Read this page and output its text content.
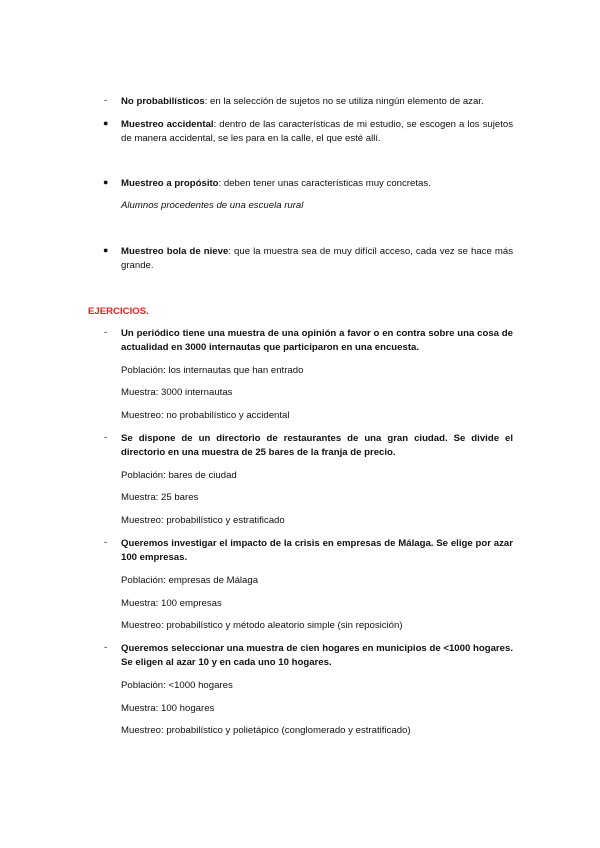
-	No probabilísticos: en la selección de sujetos no se utiliza ningún elemento de azar.
●	Muestreo accidental: dentro de las características de mi estudio, se escogen a los sujetos de manera accidental, se les para en la calle, el que esté allí.
●	Muestreo a propósito: deben tener unas características muy concretas.
Alumnos procedentes de una escuela rural
●	Muestreo bola de nieve: que la muestra sea de muy difícil acceso, cada vez se hace más grande.
EJERCICIOS.
-	Un periódico tiene una muestra de una opinión a favor o en contra sobre una cosa de actualidad en 3000 internautas que participaron en una encuesta.
Población: los internautas que han entrado
Muestra: 3000 internautas
Muestreo: no probabilístico y accidental
-	Se dispone de un directorio de restaurantes de una gran ciudad. Se divide el directorio en una muestra de 25 bares de la franja de precio.
Población: bares de ciudad
Muestra: 25 bares
Muestreo: probabilístico y estratificado
-	Queremos investigar el impacto de la crisis en empresas de Málaga. Se elige por azar 100 empresas.
Población: empresas de Málaga
Muestra: 100 empresas
Muestreo: probabilístico y método aleatorio simple (sin reposición)
-	Queremos seleccionar una muestra de cien hogares en municipios de <1000 hogares. Se eligen al azar 10 y en cada uno 10 hogares.
Población: <1000 hogares
Muestra: 100 hogares
Muestreo: probabilístico y polietápico (conglomerado y estratificado)
